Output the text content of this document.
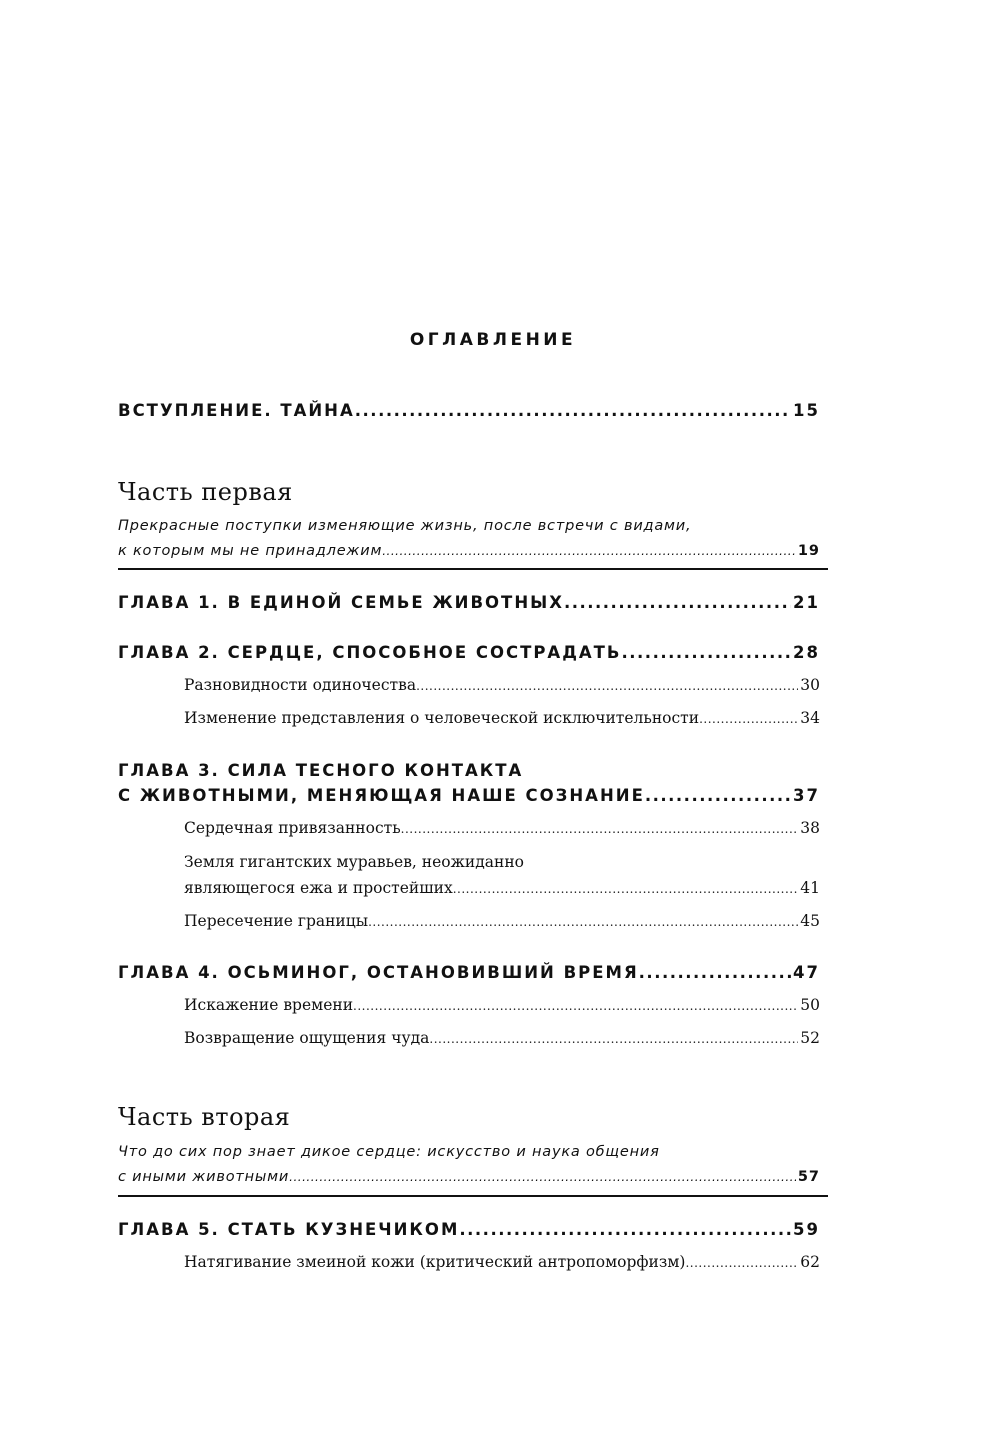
ОГЛАВЛЕНИЕ
ВСТУПЛЕНИЕ. ТАЙНА .....	15
Часть первая
Прекрасные поступки изменяющие жизнь, после встречи с видами,
к которым мы не принадлежим .....	19
ГЛАВА 1. В ЕДИНОЙ СЕМЬЕ ЖИВОТНЫХ .....	21
ГЛАВА 2. СЕРДЦЕ, СПОСОБНОЕ СОСТРАДАТЬ .....	28
Разновидности одиночества .....	30
Изменение представления о человеческой исключительности .....	34
ГЛАВА 3. СИЛА ТЕСНОГО КОНТАКТА
С ЖИВОТНЫМИ, МЕНЯЮЩАЯ НАШЕ СОЗНАНИЕ .....	37
Сердечная привязанность .....	38
Земля гигантских муравьев, неожиданно
являющегося ежа и простейших .....	41
Пересечение границы .....	45
ГЛАВА 4. ОСЬМИНОГ, ОСТАНОВИВШИЙ ВРЕМЯ .....	47
Искажение времени .....	50
Возвращение ощущения чуда .....	52
Часть вторая
Что до сих пор знает дикое сердце: искусство и наука общения
с иными животными .....	57
ГЛАВА 5. СТАТЬ КУЗНЕЧИКОМ .....	59
Натягивание змеиной кожи (критический антропоморфизм) .....	62
